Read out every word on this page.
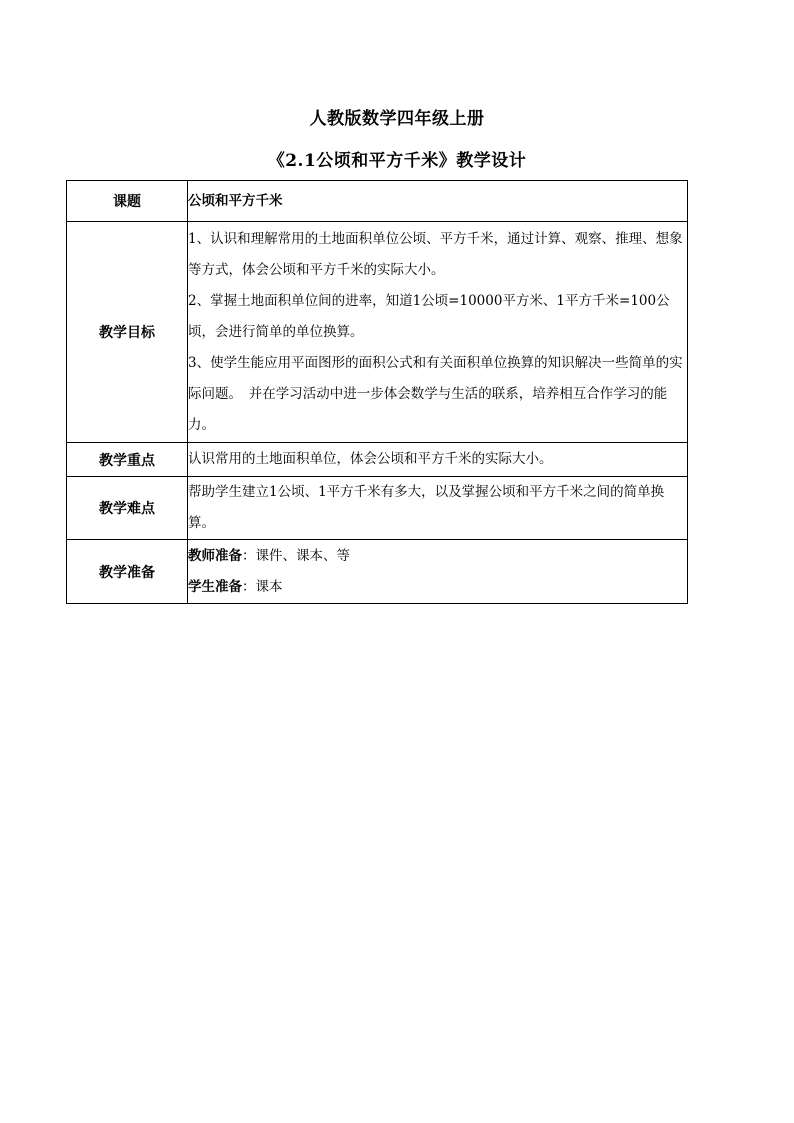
人教版数学四年级上册
《2.1公顷和平方千米》教学设计
课题	公顷和平方千米
教学目标	1、认识和理解常用的土地面积单位公顷、平方千米，通过计算、观察、推理、想象等方式，体会公顷和平方千米的实际大小。

2、掌握土地面积单位间的进率，知道1公顷=10000平方米、1平方千米=100公顷，会进行简单的单位换算。

3、使学生能应用平面图形的面积公式和有关面积单位换算的知识解决一些简单的实际问题。　并在学习活动中进一步体会数学与生活的联系，培养相互合作学习的能力。

教学重点	认识常用的土地面积单位，体会公顷和平方千米的实际大小。
教学难点	帮助学生建立1公顷、1平方千米有多大，以及掌握公顷和平方千米之间的简单换算。
教学准备	教师准备：课件、课本、等
学生准备：课本
